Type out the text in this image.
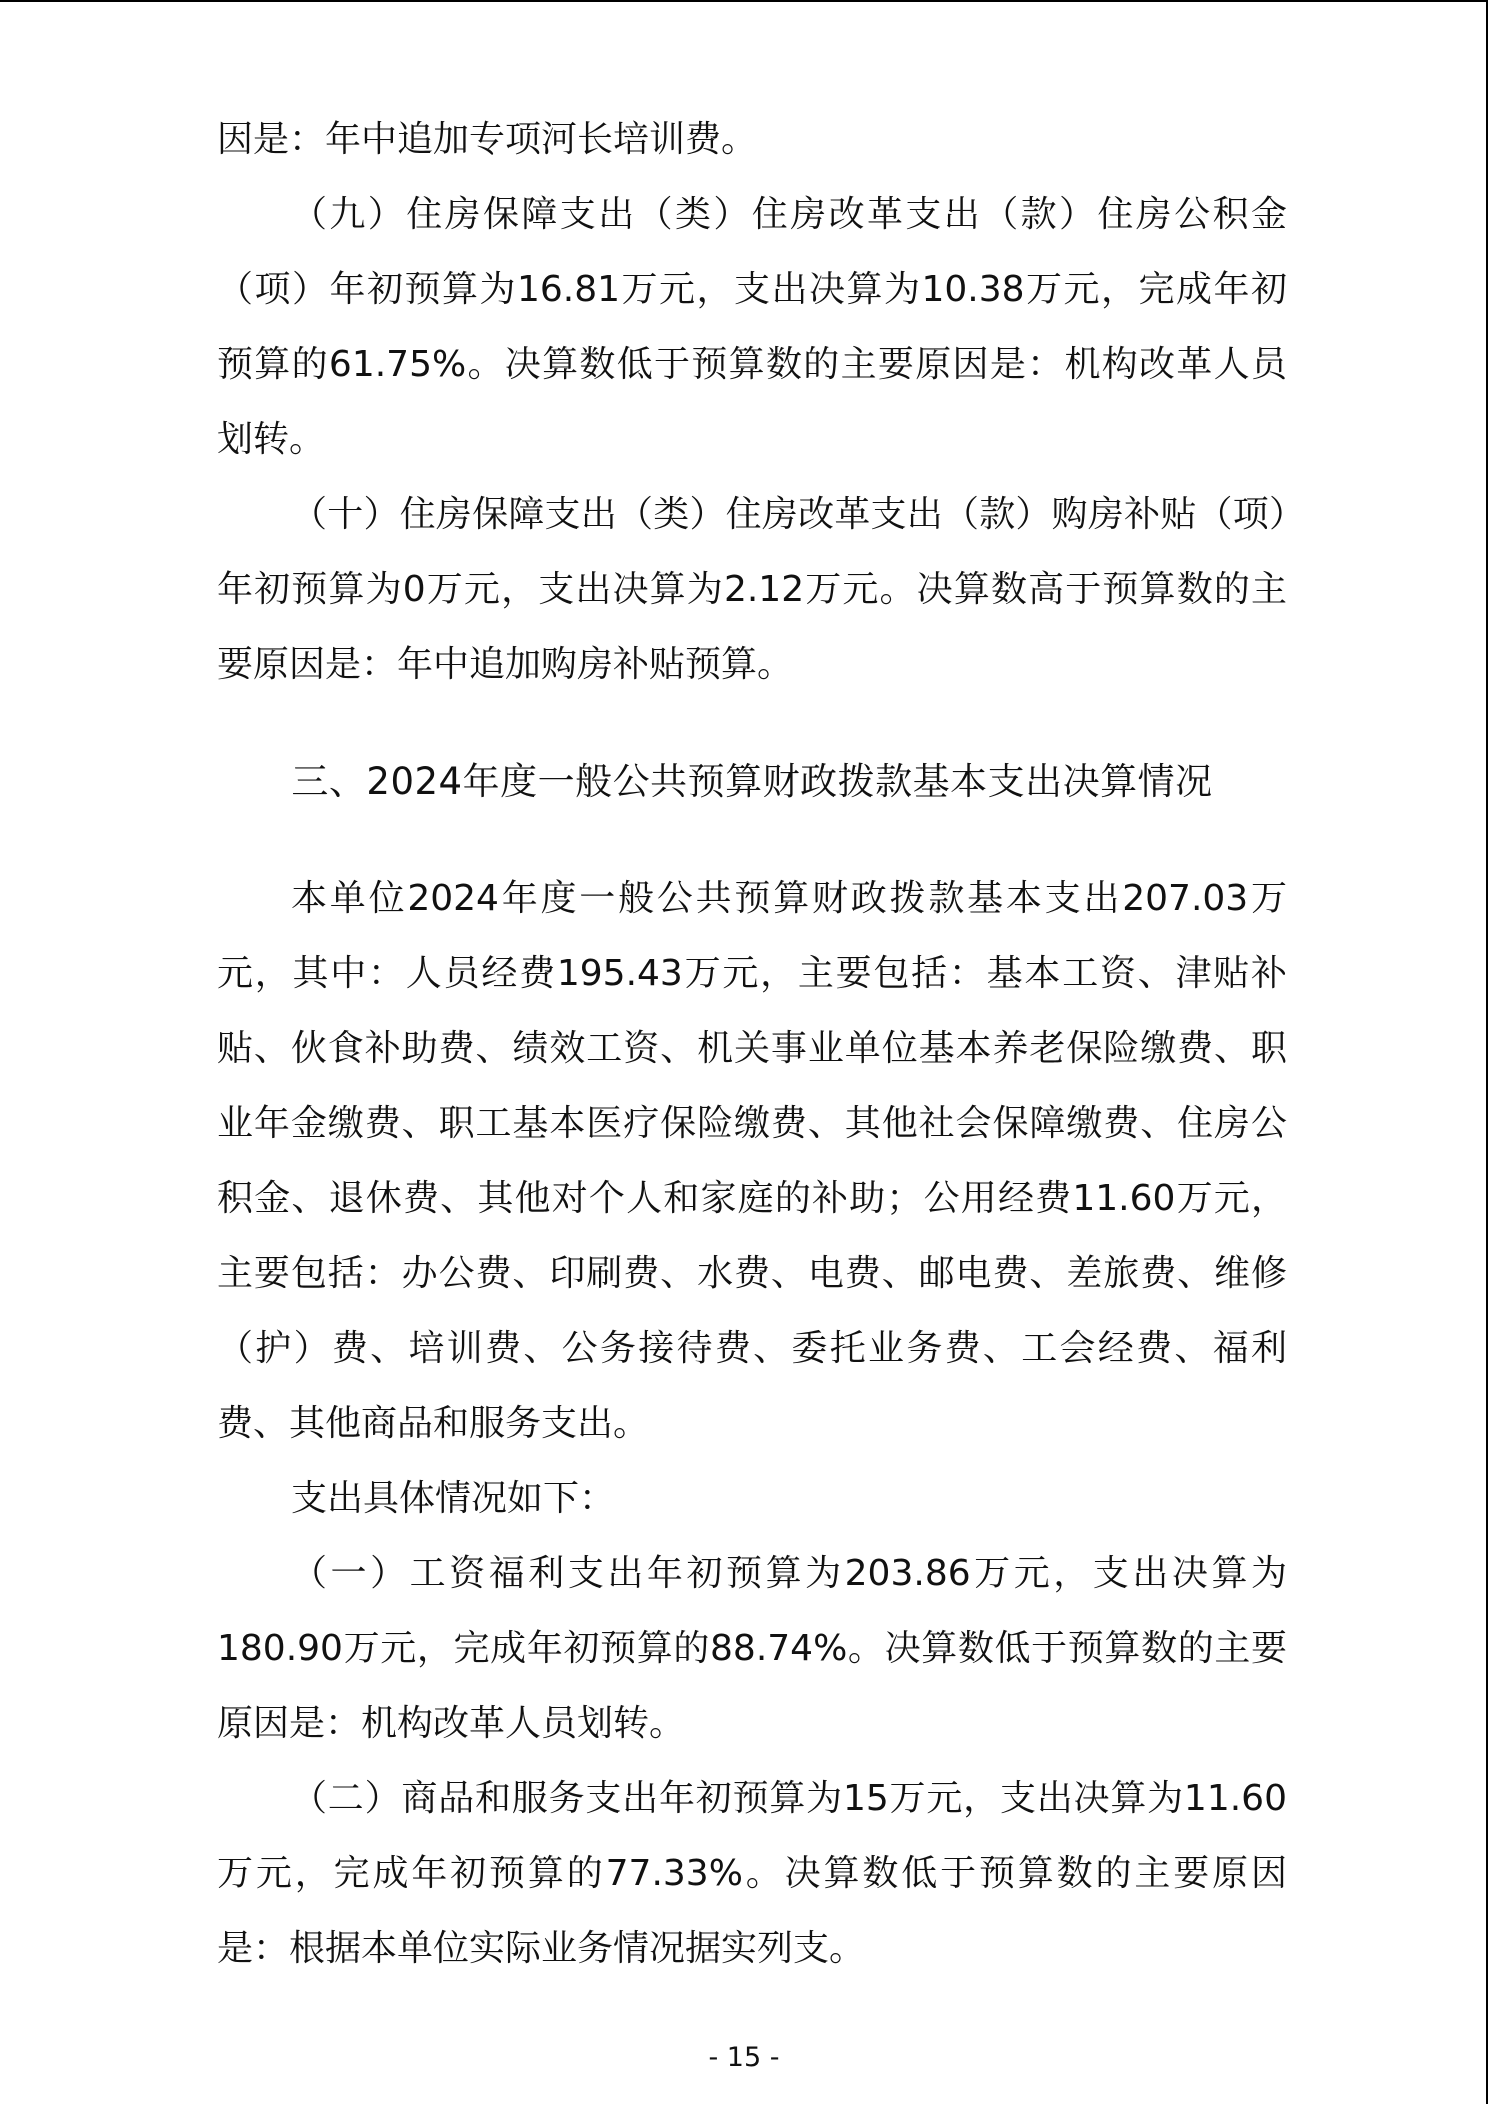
因是：年中追加专项河长培训费。

（九）住房保障支出（类）住房改革支出（款）住房公积金（项）年初预算为16.81万元，支出决算为10.38万元，完成年初预算的61.75%。决算数低于预算数的主要原因是：机构改革人员划转。

（十）住房保障支出（类）住房改革支出（款）购房补贴（项）年初预算为0万元，支出决算为2.12万元。决算数高于预算数的主要原因是：年中追加购房补贴预算。

三、2024年度一般公共预算财政拨款基本支出决算情况

本单位2024年度一般公共预算财政拨款基本支出207.03万元，其中：人员经费195.43万元，主要包括：基本工资、津贴补贴、伙食补助费、绩效工资、机关事业单位基本养老保险缴费、职业年金缴费、职工基本医疗保险缴费、其他社会保障缴费、住房公积金、退休费、其他对个人和家庭的补助；公用经费11.60万元，主要包括：办公费、印刷费、水费、电费、邮电费、差旅费、维修（护）费、培训费、公务接待费、委托业务费、工会经费、福利费、其他商品和服务支出。

支出具体情况如下：

（一）工资福利支出年初预算为203.86万元，支出决算为180.90万元，完成年初预算的88.74%。决算数低于预算数的主要原因是：机构改革人员划转。

（二）商品和服务支出年初预算为15万元，支出决算为11.60万元，完成年初预算的77.33%。决算数低于预算数的主要原因是：根据本单位实际业务情况据实列支。

- 15 -
